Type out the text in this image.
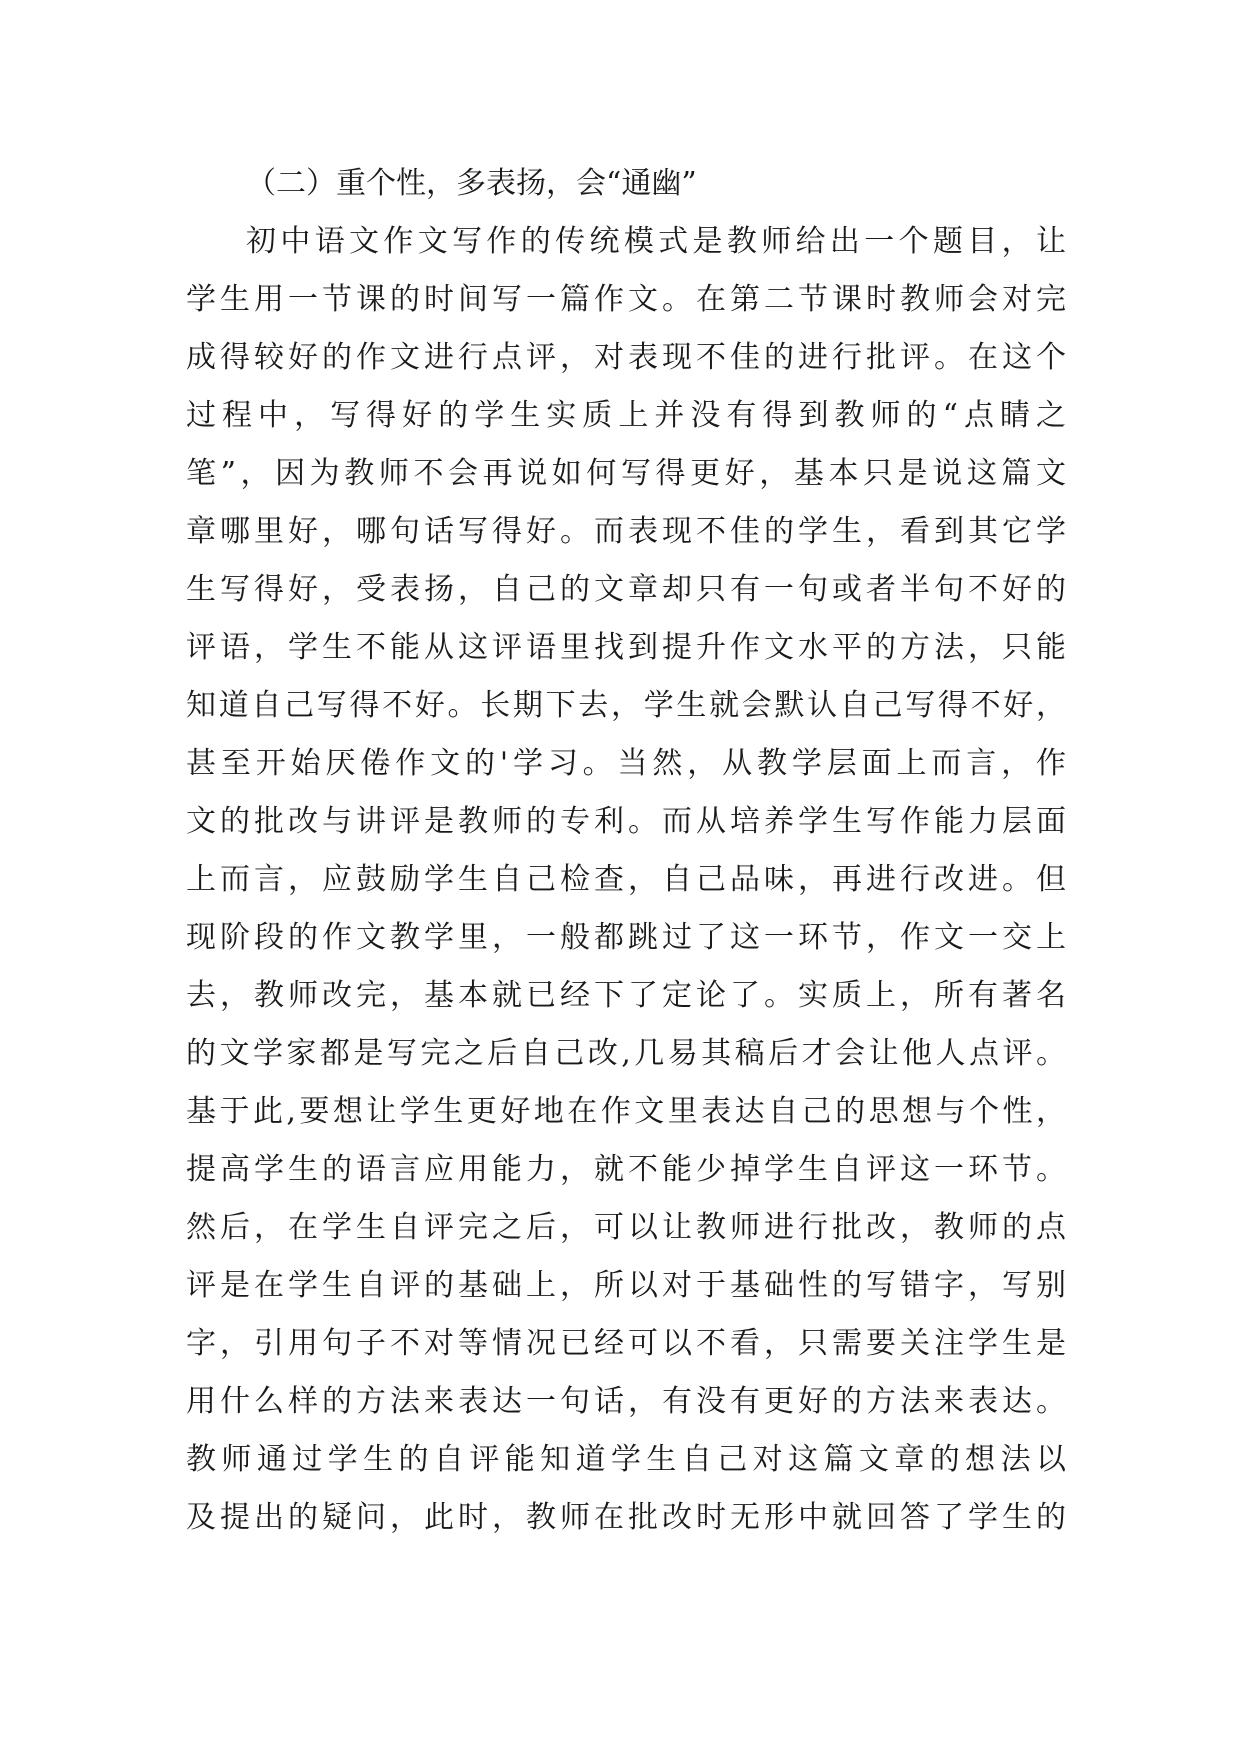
（二）重个性，多表扬，会“通幽”
初中语文作文写作的传统模式是教师给出一个题目，让
学生用一节课的时间写一篇作文。在第二节课时教师会对完
成得较好的作文进行点评，对表现不佳的进行批评。在这个
过程中，写得好的学生实质上并没有得到教师的“点睛之
笔”，因为教师不会再说如何写得更好，基本只是说这篇文
章哪里好，哪句话写得好。而表现不佳的学生，看到其它学
生写得好，受表扬，自己的文章却只有一句或者半句不好的
评语，学生不能从这评语里找到提升作文水平的方法，只能
知道自己写得不好。长期下去，学生就会默认自己写得不好，
甚至开始厌倦作文的'学习。当然，从教学层面上而言，作
文的批改与讲评是教师的专利。而从培养学生写作能力层面
上而言，应鼓励学生自己检查，自己品味，再进行改进。但
现阶段的作文教学里，一般都跳过了这一环节，作文一交上
去，教师改完，基本就已经下了定论了。实质上，所有著名
的文学家都是写完之后自己改,几易其稿后才会让他人点评。
基于此,要想让学生更好地在作文里表达自己的思想与个性，
提高学生的语言应用能力，就不能少掉学生自评这一环节。
然后，在学生自评完之后，可以让教师进行批改，教师的点
评是在学生自评的基础上，所以对于基础性的写错字，写别
字，引用句子不对等情况已经可以不看，只需要关注学生是
用什么样的方法来表达一句话，有没有更好的方法来表达。
教师通过学生的自评能知道学生自己对这篇文章的想法以
及提出的疑问，此时，教师在批改时无形中就回答了学生的
